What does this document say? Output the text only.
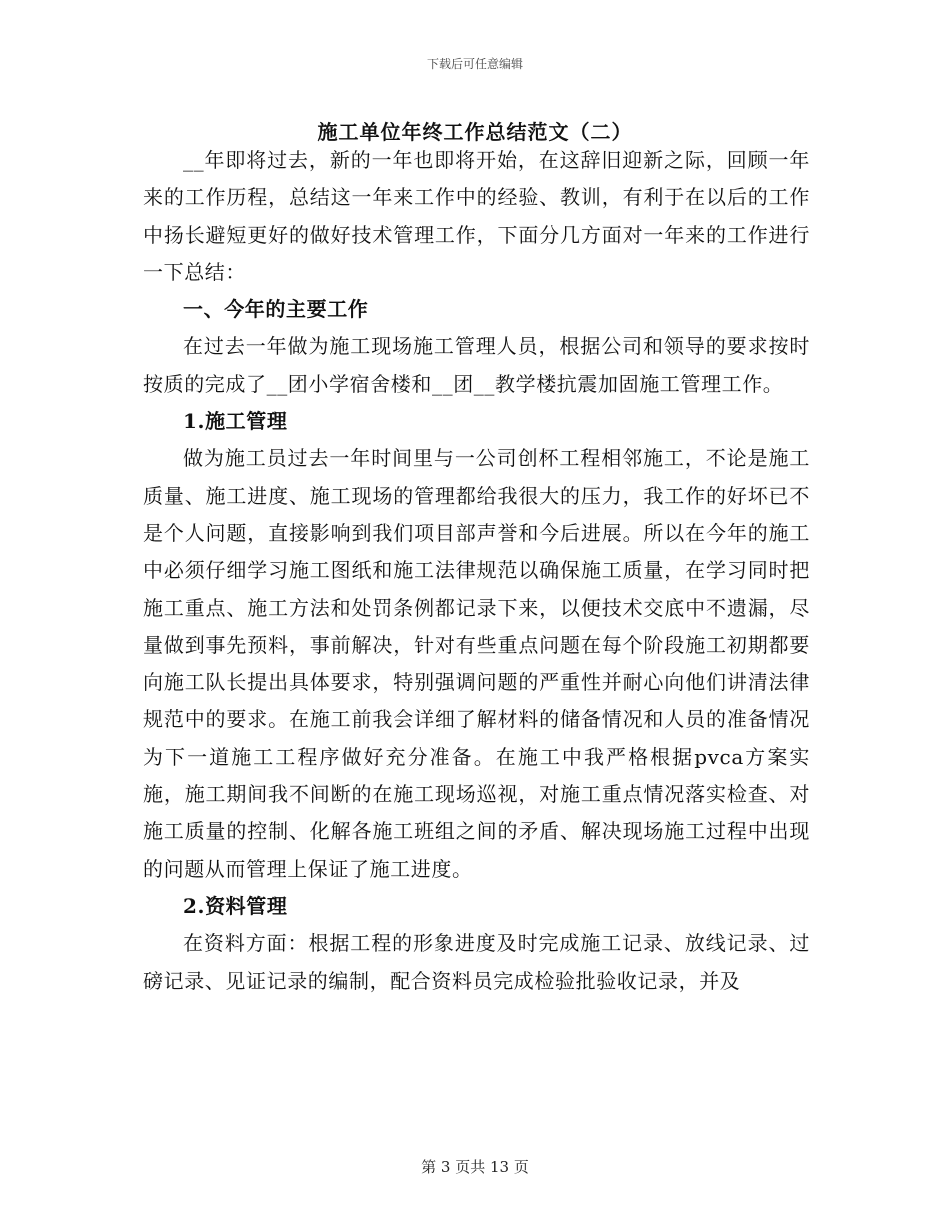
下载后可任意编辑
施工单位年终工作总结范文（二）

__年即将过去，新的一年也即将开始，在这辞旧迎新之际，回顾一年来的工作历程，总结这一年来工作中的经验、教训，有利于在以后的工作中扬长避短更好的做好技术管理工作，下面分几方面对一年来的工作进行一下总结：

一、今年的主要工作

在过去一年做为施工现场施工管理人员，根据公司和领导的要求按时按质的完成了__团小学宿舍楼和__团__教学楼抗震加固施工管理工作。

1.施工管理

做为施工员过去一年时间里与一公司创杯工程相邻施工，不论是施工质量、施工进度、施工现场的管理都给我很大的压力，我工作的好坏已不是个人问题，直接影响到我们项目部声誉和今后进展。所以在今年的施工中必须仔细学习施工图纸和施工法律规范以确保施工质量，在学习同时把施工重点、施工方法和处罚条例都记录下来，以便技术交底中不遗漏，尽量做到事先预料，事前解决，针对有些重点问题在每个阶段施工初期都要向施工队长提出具体要求，特别强调问题的严重性并耐心向他们讲清法律规范中的要求。在施工前我会详细了解材料的储备情况和人员的准备情况为下一道施工工程序做好充分准备。在施工中我严格根据pvca方案实施，施工期间我不间断的在施工现场巡视，对施工重点情况落实检查、对施工质量的控制、化解各施工班组之间的矛盾、解决现场施工过程中出现的问题从而管理上保证了施工进度。

2.资料管理

在资料方面：根据工程的形象进度及时完成施工记录、放线记录、过磅记录、见证记录的编制，配合资料员完成检验批验收记录，并及

第 3 页共 13 页
